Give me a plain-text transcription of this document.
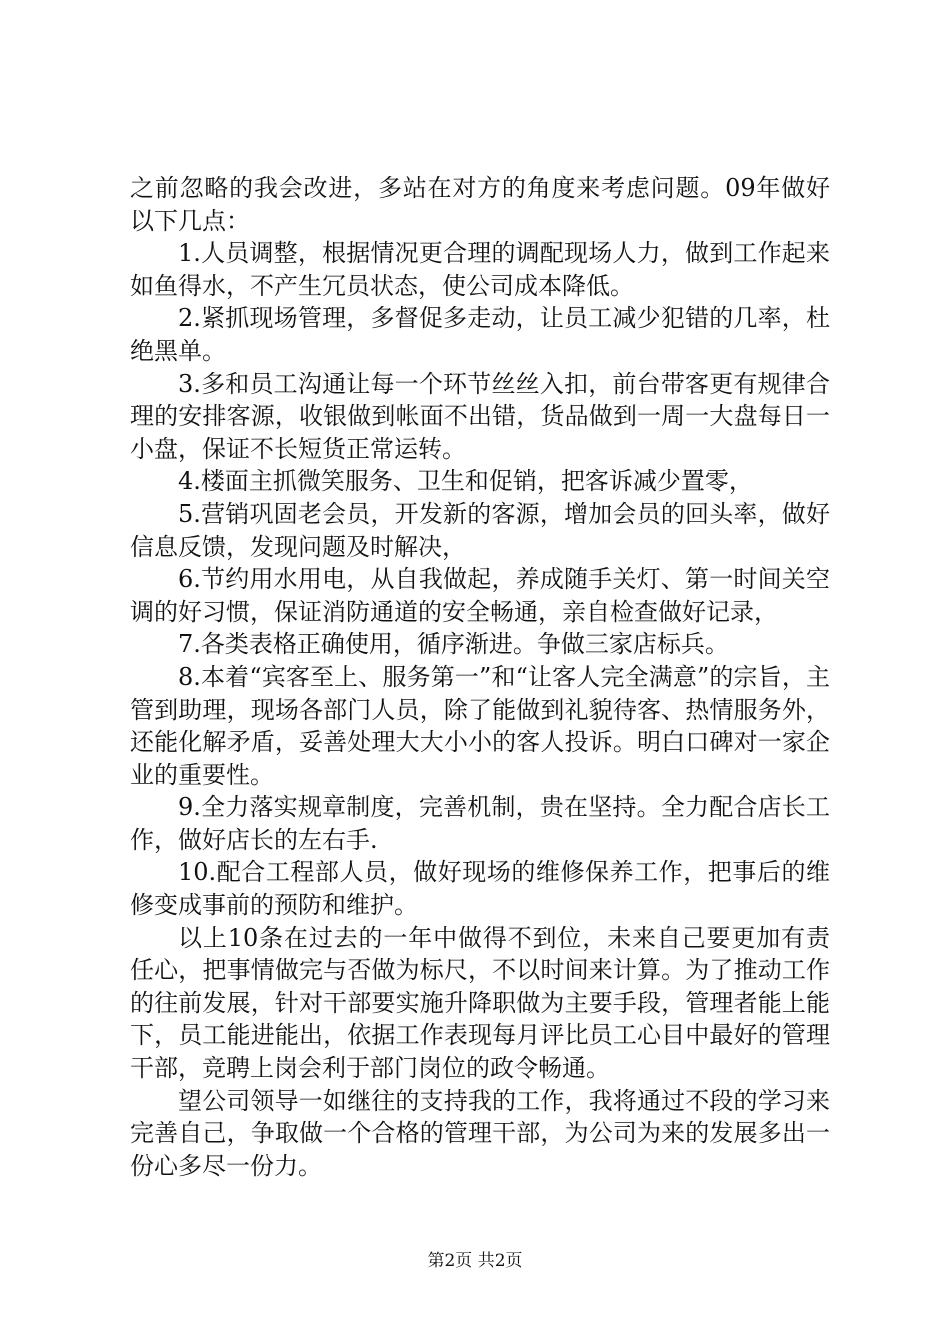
之前忽略的我会改进，多站在对方的角度来考虑问题。09年做好以下几点：

1.人员调整，根据情况更合理的调配现场人力，做到工作起来如鱼得水，不产生冗员状态，使公司成本降低。

2.紧抓现场管理，多督促多走动，让员工减少犯错的几率，杜绝黑单。

3.多和员工沟通让每一个环节丝丝入扣，前台带客更有规律合理的安排客源，收银做到帐面不出错，货品做到一周一大盘每日一小盘，保证不长短货正常运转。

4.楼面主抓微笑服务、卫生和促销，把客诉减少置零，

5.营销巩固老会员，开发新的客源，增加会员的回头率，做好信息反馈，发现问题及时解决，

6.节约用水用电，从自我做起，养成随手关灯、第一时间关空调的好习惯，保证消防通道的安全畅通，亲自检查做好记录，

7.各类表格正确使用，循序渐进。争做三家店标兵。

8.本着“宾客至上、服务第一”和“让客人完全满意”的宗旨，主管到助理，现场各部门人员，除了能做到礼貌待客、热情服务外，还能化解矛盾，妥善处理大大小小的客人投诉。明白口碑对一家企业的重要性。

9.全力落实规章制度，完善机制，贵在坚持。全力配合店长工作，做好店长的左右手.

10.配合工程部人员，做好现场的维修保养工作，把事后的维修变成事前的预防和维护。

以上10条在过去的一年中做得不到位，未来自己要更加有责任心，把事情做完与否做为标尺，不以时间来计算。为了推动工作的往前发展，针对干部要实施升降职做为主要手段，管理者能上能下，员工能进能出，依据工作表现每月评比员工心目中最好的管理干部，竞聘上岗会利于部门岗位的政令畅通。

望公司领导一如继往的支持我的工作，我将通过不段的学习来完善自己，争取做一个合格的管理干部，为公司为来的发展多出一份心多尽一份力。

第2页 共2页
